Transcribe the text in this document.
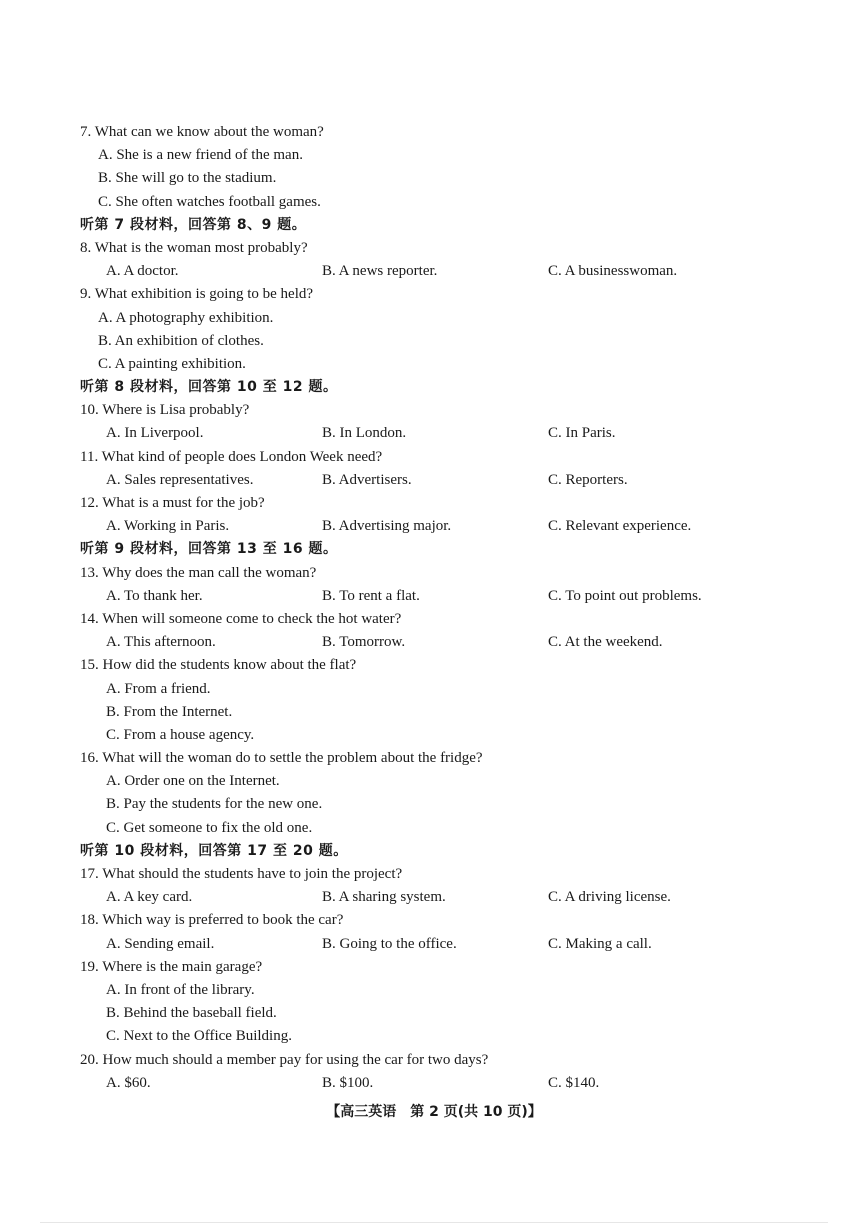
7. What can we know about the woman?
A. She is a new friend of the man.
B. She will go to the stadium.
C. She often watches football games.
听第 7 段材料，回答第 8、9 题。
8. What is the woman most probably?
A. A doctor.	B. A news reporter.	C. A businesswoman.
9. What exhibition is going to be held?
A. A photography exhibition.
B. An exhibition of clothes.
C. A painting exhibition.
听第 8 段材料，回答第 10 至 12 题。
10. Where is Lisa probably?
A. In Liverpool.	B. In London.	C. In Paris.
11. What kind of people does London Week need?
A. Sales representatives.	B. Advertisers.	C. Reporters.
12. What is a must for the job?
A. Working in Paris.	B. Advertising major.	C. Relevant experience.
听第 9 段材料，回答第 13 至 16 题。
13. Why does the man call the woman?
A. To thank her.	B. To rent a flat.	C. To point out problems.
14. When will someone come to check the hot water?
A. This afternoon.	B. Tomorrow.	C. At the weekend.
15. How did the students know about the flat?
A. From a friend.
B. From the Internet.
C. From a house agency.
16. What will the woman do to settle the problem about the fridge?
A. Order one on the Internet.
B. Pay the students for the new one.
C. Get someone to fix the old one.
听第 10 段材料，回答第 17 至 20 题。
17. What should the students have to join the project?
A. A key card.	B. A sharing system.	C. A driving license.
18. Which way is preferred to book the car?
A. Sending email.	B. Going to the office.	C. Making a call.
19. Where is the main garage?
A. In front of the library.
B. Behind the baseball field.
C. Next to the Office Building.
20. How much should a member pay for using the car for two days?
A. $60.	B. $100.	C. $140.
【高三英语　第 2 页(共 10 页)】
